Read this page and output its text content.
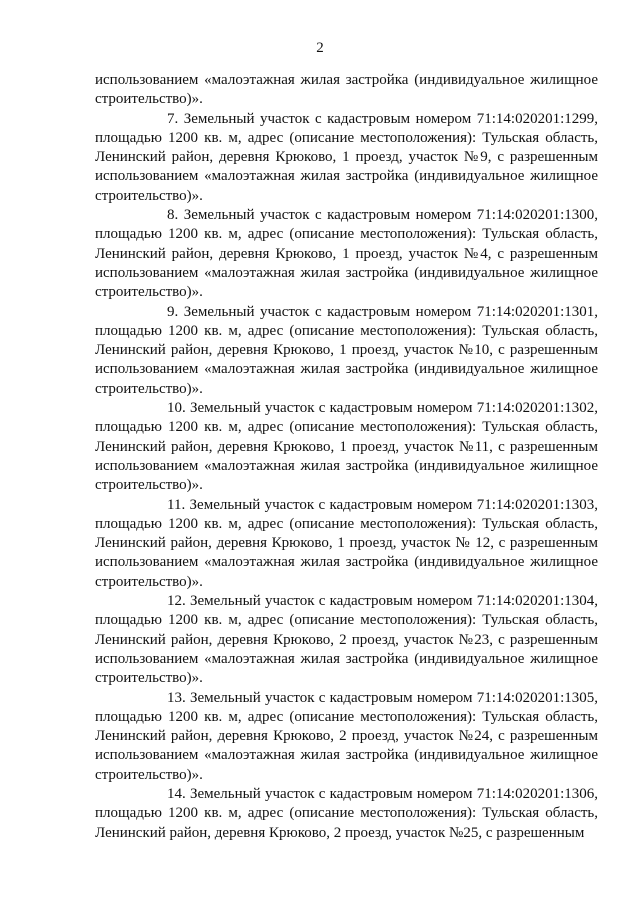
2

использованием «малоэтажная жилая застройка (индивидуальное жилищное строительство)».

7. Земельный участок с кадастровым номером 71:14:020201:1299, площадью 1200 кв. м, адрес (описание местоположения): Тульская область, Ленинский район, деревня Крюково, 1 проезд, участок №9, с разрешенным использованием «малоэтажная жилая застройка (индивидуальное жилищное строительство)».

8. Земельный участок с кадастровым номером 71:14:020201:1300, площадью 1200 кв. м, адрес (описание местоположения): Тульская область, Ленинский район, деревня Крюково, 1 проезд, участок №4, с разрешенным использованием «малоэтажная жилая застройка (индивидуальное жилищное строительство)».

9. Земельный участок с кадастровым номером 71:14:020201:1301, площадью 1200 кв. м, адрес (описание местоположения): Тульская область, Ленинский район, деревня Крюково, 1 проезд, участок №10, с разрешенным использованием «малоэтажная жилая застройка (индивидуальное жилищное строительство)».

10. Земельный участок с кадастровым номером 71:14:020201:1302, площадью 1200 кв. м, адрес (описание местоположения): Тульская область, Ленинский район, деревня Крюково, 1 проезд, участок №11, с разрешенным использованием «малоэтажная жилая застройка (индивидуальное жилищное строительство)».

11. Земельный участок с кадастровым номером 71:14:020201:1303, площадью 1200 кв. м, адрес (описание местоположения): Тульская область, Ленинский район, деревня Крюково, 1 проезд, участок № 12, с разрешенным использованием «малоэтажная жилая застройка (индивидуальное жилищное строительство)».

12. Земельный участок с кадастровым номером 71:14:020201:1304, площадью 1200 кв. м, адрес (описание местоположения): Тульская область, Ленинский район, деревня Крюково, 2 проезд, участок №23, с разрешенным использованием «малоэтажная жилая застройка (индивидуальное жилищное строительство)».

13. Земельный участок с кадастровым номером 71:14:020201:1305, площадью 1200 кв. м, адрес (описание местоположения): Тульская область, Ленинский район, деревня Крюково, 2 проезд, участок №24, с разрешенным использованием «малоэтажная жилая застройка (индивидуальное жилищное строительство)».

14. Земельный участок с кадастровым номером 71:14:020201:1306, площадью 1200 кв. м, адрес (описание местоположения): Тульская область, Ленинский район, деревня Крюково, 2 проезд, участок №25, с разрешенным
